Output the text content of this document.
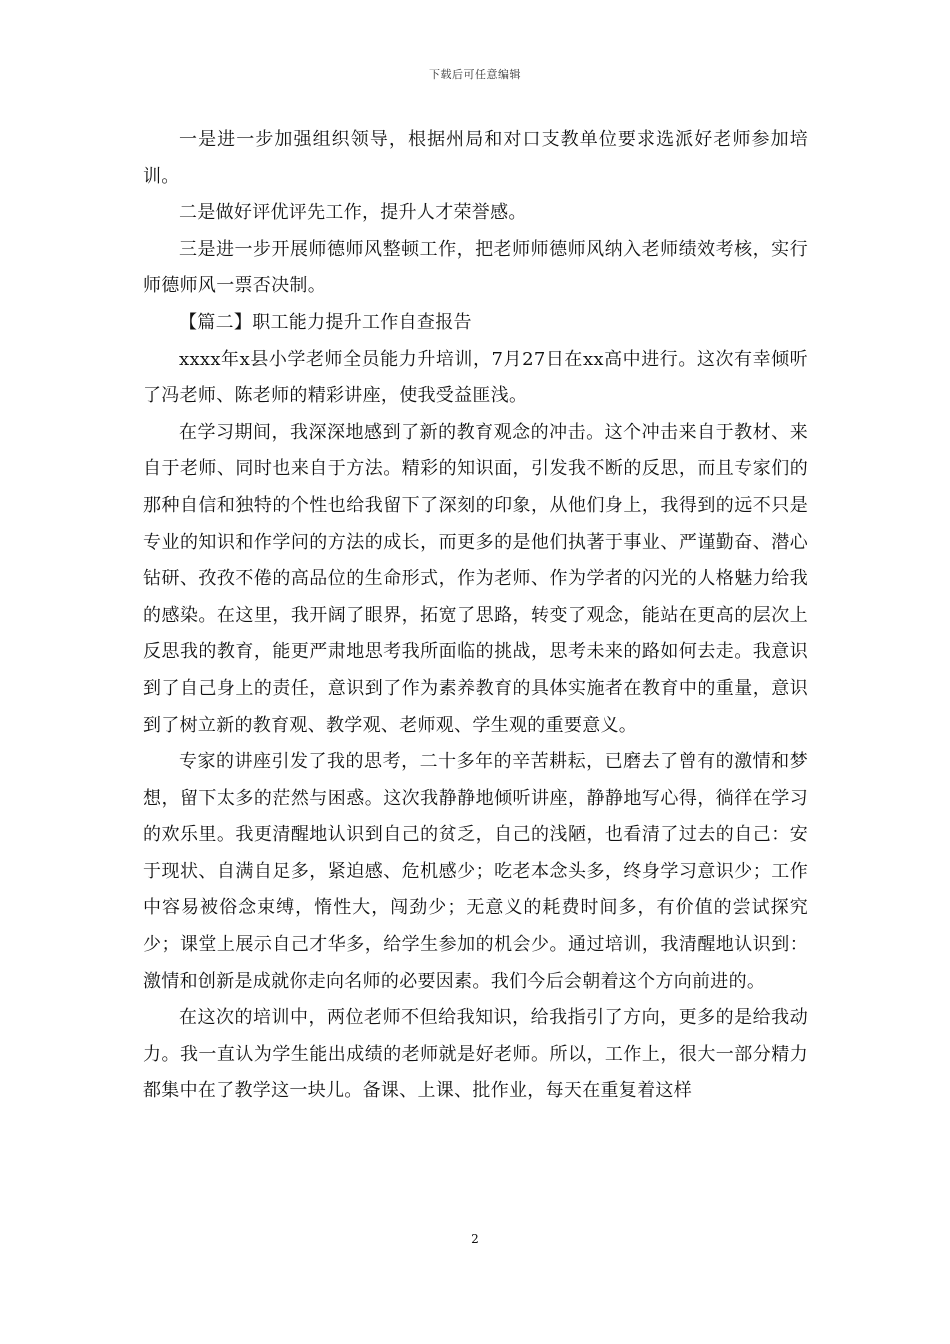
下载后可任意编辑

一是进一步加强组织领导，根据州局和对口支教单位要求选派好老师参加培训。

二是做好评优评先工作，提升人才荣誉感。

三是进一步开展师德师风整顿工作，把老师师德师风纳入老师绩效考核，实行师德师风一票否决制。

【篇二】职工能力提升工作自查报告

xxxx年x县小学老师全员能力升培训，7月27日在xx高中进行。这次有幸倾听了冯老师、陈老师的精彩讲座，使我受益匪浅。

在学习期间，我深深地感到了新的教育观念的冲击。这个冲击来自于教材、来自于老师、同时也来自于方法。精彩的知识面，引发我不断的反思，而且专家们的那种自信和独特的个性也给我留下了深刻的印象，从他们身上，我得到的远不只是专业的知识和作学问的方法的成长，而更多的是他们执著于事业、严谨勤奋、潜心钻研、孜孜不倦的高品位的生命形式，作为老师、作为学者的闪光的人格魅力给我的感染。在这里，我开阔了眼界，拓宽了思路，转变了观念，能站在更高的层次上反思我的教育，能更严肃地思考我所面临的挑战，思考未来的路如何去走。我意识到了自己身上的责任，意识到了作为素养教育的具体实施者在教育中的重量，意识到了树立新的教育观、教学观、老师观、学生观的重要意义。

专家的讲座引发了我的思考，二十多年的辛苦耕耘，已磨去了曾有的激情和梦想，留下太多的茫然与困惑。这次我静静地倾听讲座，静静地写心得，徜徉在学习的欢乐里。我更清醒地认识到自己的贫乏，自己的浅陋，也看清了过去的自己：安于现状、自满自足多，紧迫感、危机感少；吃老本念头多，终身学习意识少；工作中容易被俗念束缚，惰性大，闯劲少；无意义的耗费时间多，有价值的尝试探究少；课堂上展示自己才华多，给学生参加的机会少。通过培训，我清醒地认识到：激情和创新是成就你走向名师的必要因素。我们今后会朝着这个方向前进的。

在这次的培训中，两位老师不但给我知识，给我指引了方向，更多的是给我动力。我一直认为学生能出成绩的老师就是好老师。所以，工作上，很大一部分精力都集中在了教学这一块儿。备课、上课、批作业，每天在重复着这样

2
